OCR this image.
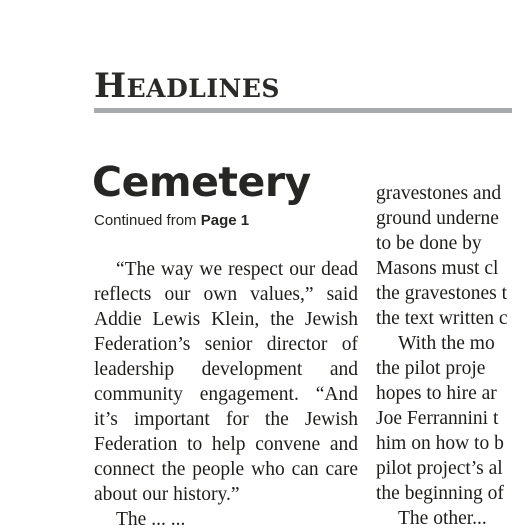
HEADLINES
Cemetery
Continued from Page 1
“The way we respect our dead reflects our own values,” said Addie Lewis Klein, the Jewish Federation’s senior director of leadership development and community engagement. “And it’s important for the Jewish Federation to help convene and connect the people who can care about our history.”
The ... ...
gravestones and
ground underne
to be done by
Masons must cl
the gravestones t
the text written c
With the mo
the pilot proje
hopes to hire ar
Joe Ferrannini t
him on how to b
pilot project’s al
the beginning of
The other...
